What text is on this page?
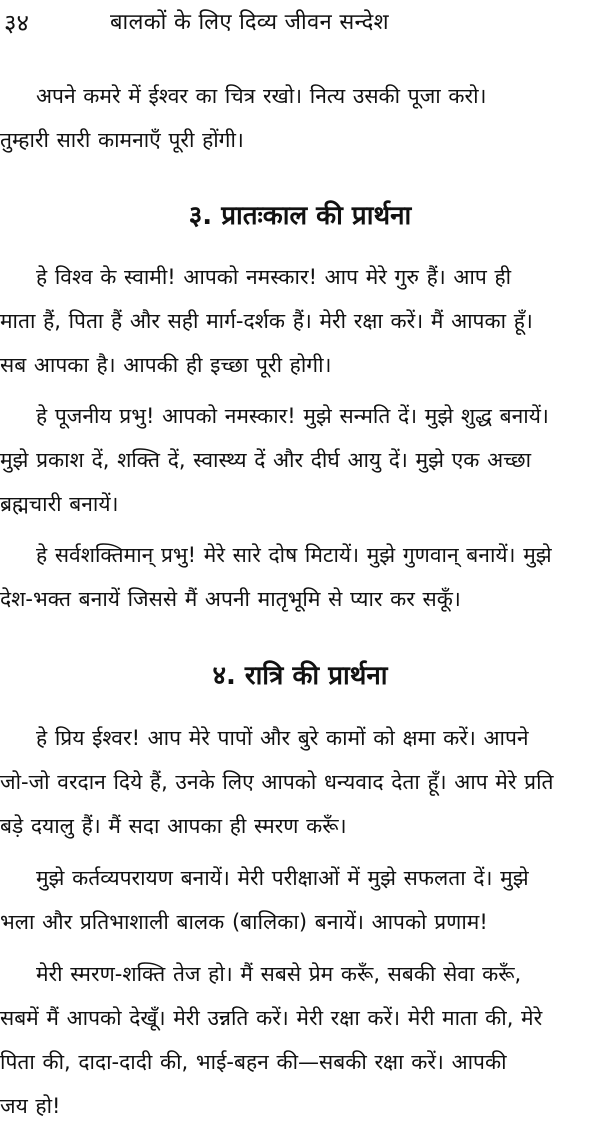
३४	बालकों के लिए दिव्य जीवन सन्देश

अपने कमरे में ईश्वर का चित्र रखो। नित्य उसकी पूजा करो।
तुम्हारी सारी कामनाएँ पूरी होंगी।

३. प्रातःकाल की प्रार्थना

हे विश्व के स्वामी! आपको नमस्कार! आप मेरे गुरु हैं। आप ही
माता हैं, पिता हैं और सही मार्ग-दर्शक हैं। मेरी रक्षा करें। मैं आपका हूँ।
सब आपका है। आपकी ही इच्छा पूरी होगी।

हे पूजनीय प्रभु! आपको नमस्कार! मुझे सन्मति दें। मुझे शुद्ध बनायें।
मुझे प्रकाश दें, शक्ति दें, स्वास्थ्य दें और दीर्घ आयु दें। मुझे एक अच्छा
ब्रह्मचारी बनायें।

हे सर्वशक्तिमान् प्रभु! मेरे सारे दोष मिटायें। मुझे गुणवान् बनायें। मुझे
देश-भक्त बनायें जिससे मैं अपनी मातृभूमि से प्यार कर सकूँ।

४. रात्रि की प्रार्थना

हे प्रिय ईश्वर! आप मेरे पापों और बुरे कामों को क्षमा करें। आपने
जो-जो वरदान दिये हैं, उनके लिए आपको धन्यवाद देता हूँ। आप मेरे प्रति
बड़े दयालु हैं। मैं सदा आपका ही स्मरण करूँ।

मुझे कर्तव्यपरायण बनायें। मेरी परीक्षाओं में मुझे सफलता दें। मुझे
भला और प्रतिभाशाली बालक (बालिका) बनायें। आपको प्रणाम!

मेरी स्मरण-शक्ति तेज हो। मैं सबसे प्रेम करूँ, सबकी सेवा करूँ,
सबमें मैं आपको देखूँ। मेरी उन्नति करें। मेरी रक्षा करें। मेरी माता की, मेरे
पिता की, दादा-दादी की, भाई-बहन की—सबकी रक्षा करें। आपकी
जय हो!
